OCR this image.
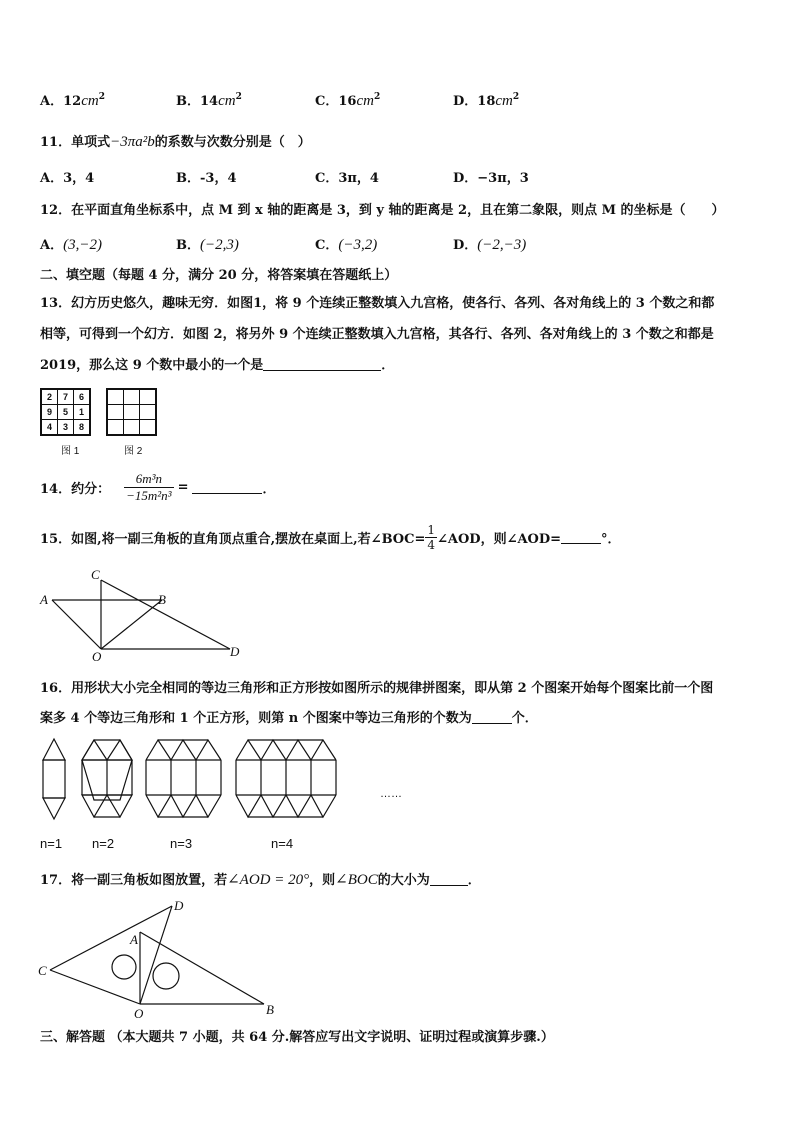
A．$12cm^2$	B．$14cm^2$	C．$16cm^2$	D．$18cm^2$
11．单项式−3πa²b的系数与次数分别是（　）
A．3，4	B．-3，4	C．3π，4	D．−3π，3
12．在平面直角坐标系中，点 M 到 x 轴的距离是 3，到 y 轴的距离是 2，且在第二象限，则点 M 的坐标是（　　）
A．(3,−2)	B．(−2,3)	C．(−3,2)	D．(−2,−3)
二、填空题（每题 4 分，满分 20 分，将答案填在答题纸上）
13．幻方历史悠久，趣味无穷．如图1，将 9 个连续正整数填入九宫格，使各行、各列、各对角线上的 3 个数之和都
相等，可得到一个幻方．如图 2，将另外 9 个连续正整数填入九宫格，其各行、各列、各对角线上的 3 个数之和都是
2019，那么这 9 个数中最小的一个是	．
2	7	6
9	5	1
4	3	8
图 1

			图 2
14． 约分： $\frac{\text{6m³n}}{\text{−15m²n³}}$ =	．
15． 如图,将一副三角板的直角顶点重合,摆放在桌面上,若∠BOC= $\frac{1}{4}$ ∠AOD，则∠AOD=	°．
A	B
C
O	D
16．用形状大小完全相同的等边三角形和正方形按如图所示的规律拼图案，即从第 2 个图案开始每个图案比前一个图
案多 4 个等边三角形和 1 个正方形，则第 n 个图案中等边三角形的个数为	个．
……
n=1 n=2	n=3	n=4
17．将一副三角板如图放置，若∠AOD = 20°，则∠BOC的大小为	．
C
D
A
O	B
三、解答题 （本大题共 7 小题，共 64 分.解答应写出文字说明、证明过程或演算步骤.）
